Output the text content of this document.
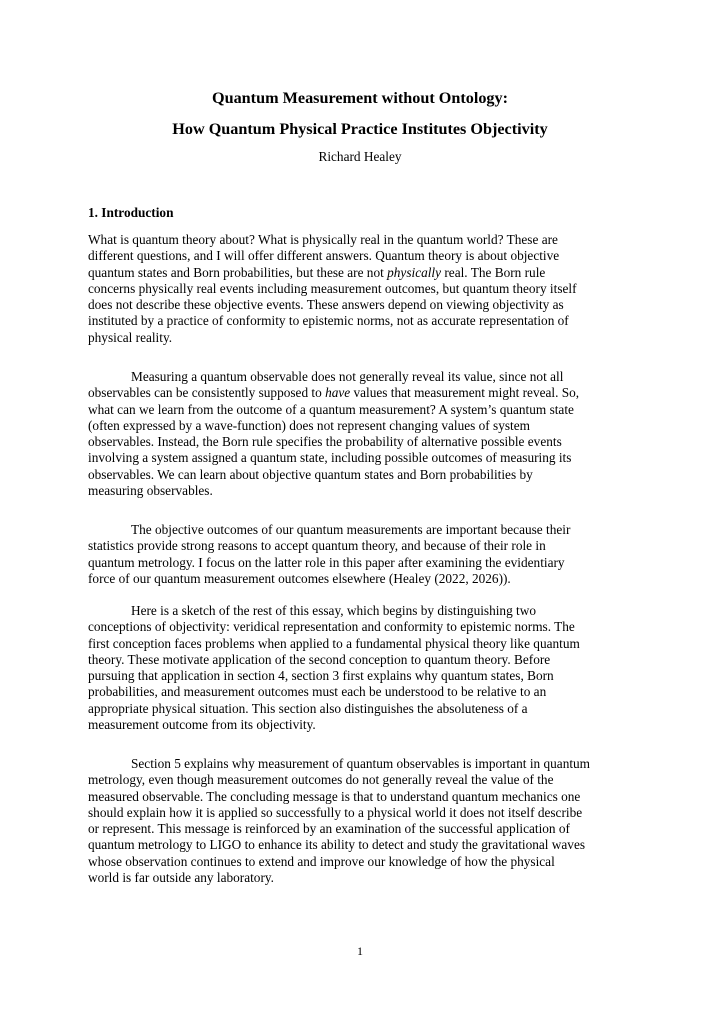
Quantum Measurement without Ontology:
How Quantum Physical Practice Institutes Objectivity
Richard Healey
1. Introduction
What is quantum theory about? What is physically real in the quantum world? These are
different questions, and I will offer different answers. Quantum theory is about objective
quantum states and Born probabilities, but these are not physically real. The Born rule
concerns physically real events including measurement outcomes, but quantum theory itself
does not describe these objective events. These answers depend on viewing objectivity as
instituted by a practice of conformity to epistemic norms, not as accurate representation of
physical reality.
Measuring a quantum observable does not generally reveal its value, since not all
observables can be consistently supposed to have values that measurement might reveal. So,
what can we learn from the outcome of a quantum measurement? A system’s quantum state
(often expressed by a wave-function) does not represent changing values of system
observables. Instead, the Born rule specifies the probability of alternative possible events
involving a system assigned a quantum state, including possible outcomes of measuring its
observables. We can learn about objective quantum states and Born probabilities by
measuring observables.
The objective outcomes of our quantum measurements are important because their
statistics provide strong reasons to accept quantum theory, and because of their role in
quantum metrology. I focus on the latter role in this paper after examining the evidentiary
force of our quantum measurement outcomes elsewhere (Healey (2022, 2026)).
Here is a sketch of the rest of this essay, which begins by distinguishing two
conceptions of objectivity: veridical representation and conformity to epistemic norms. The
first conception faces problems when applied to a fundamental physical theory like quantum
theory. These motivate application of the second conception to quantum theory. Before
pursuing that application in section 4, section 3 first explains why quantum states, Born
probabilities, and measurement outcomes must each be understood to be relative to an
appropriate physical situation. This section also distinguishes the absoluteness of a
measurement outcome from its objectivity.
Section 5 explains why measurement of quantum observables is important in quantum
metrology, even though measurement outcomes do not generally reveal the value of the
measured observable. The concluding message is that to understand quantum mechanics one
should explain how it is applied so successfully to a physical world it does not itself describe
or represent. This message is reinforced by an examination of the successful application of
quantum metrology to LIGO to enhance its ability to detect and study the gravitational waves
whose observation continues to extend and improve our knowledge of how the physical
world is far outside any laboratory.
1
